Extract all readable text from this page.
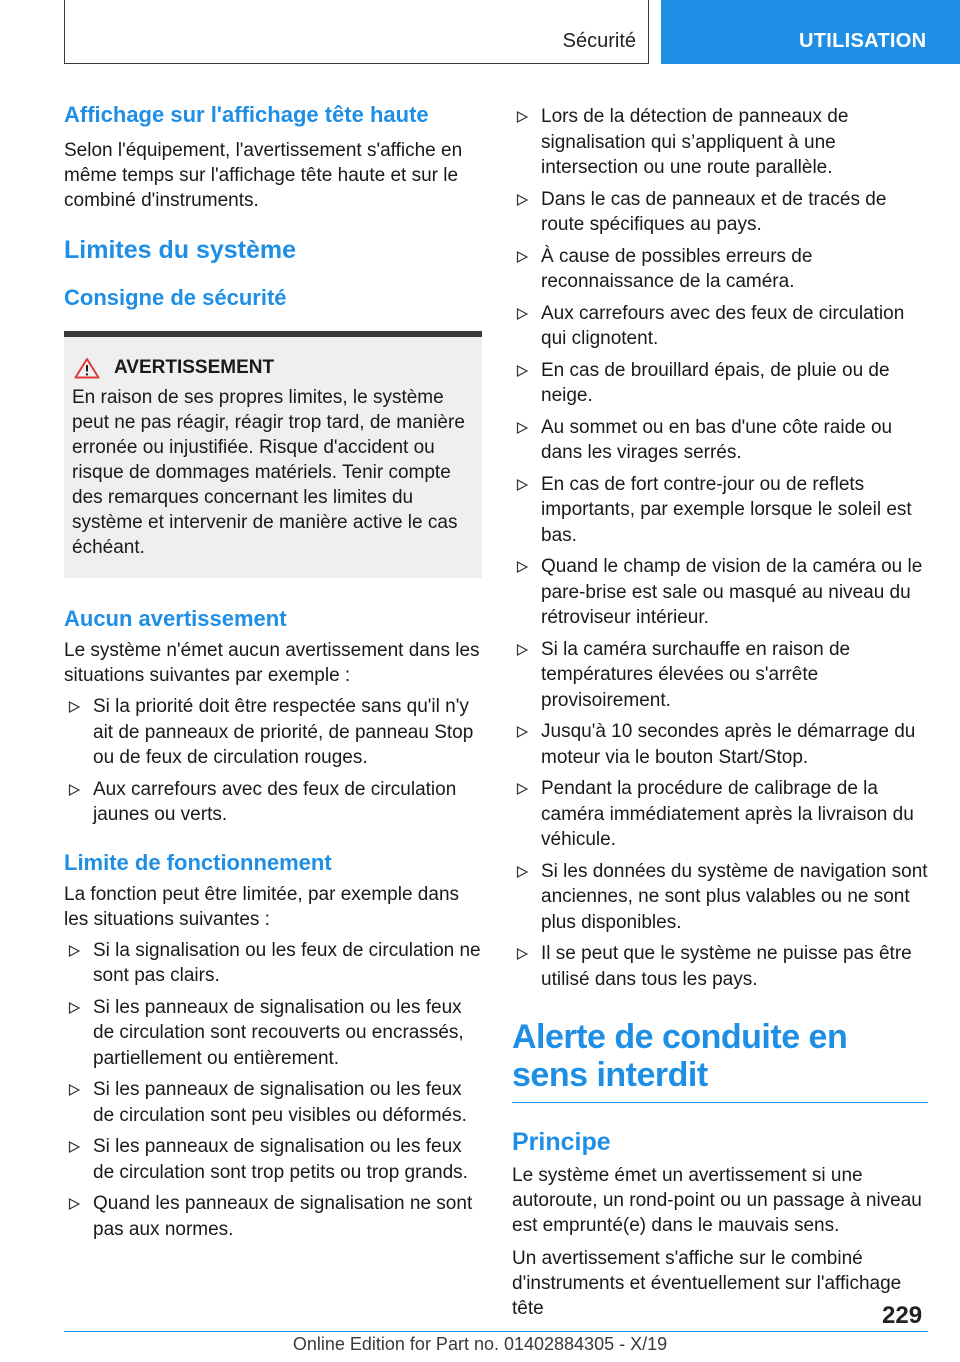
Sécurité	UTILISATION
Affichage sur l'affichage tête haute

Selon l'équipement, l'avertissement s'affiche en même temps sur l'affichage tête haute et sur le combiné d'instruments.

Limites du système
Consigne de sécurité
AVERTISSEMENT

En raison de ses propres limites, le système peut ne pas réagir, réagir trop tard, de manière erronée ou injustifiée. Risque d'accident ou risque de dommages matériels. Tenir compte des remarques concernant les limites du système et intervenir de manière active le cas échéant.

Aucun avertissement

Le système n'émet aucun avertissement dans les situations suivantes par exemple :

Si la priorité doit être respectée sans qu'il n'y ait de panneaux de priorité, de panneau Stop ou de feux de circulation rouges.
Aux carrefours avec des feux de circulation jaunes ou verts.
Limite de fonctionnement

La fonction peut être limitée, par exemple dans les situations suivantes :

Si la signalisation ou les feux de circulation ne sont pas clairs.
Si les panneaux de signalisation ou les feux de circulation sont recouverts ou encrassés, partiellement ou entièrement.
Si les panneaux de signalisation ou les feux de circulation sont peu visibles ou déformés.
Si les panneaux de signalisation ou les feux de circulation sont trop petits ou trop grands.
Quand les panneaux de signalisation ne sont pas aux normes.
Lors de la détection de panneaux de signalisation qui s’appliquent à une intersection ou une route parallèle.
Dans le cas de panneaux et de tracés de route spécifiques au pays.
À cause de possibles erreurs de reconnaissance de la caméra.
Aux carrefours avec des feux de circulation qui clignotent.
En cas de brouillard épais, de pluie ou de neige.
Au sommet ou en bas d'une côte raide ou dans les virages serrés.
En cas de fort contre-jour ou de reflets importants, par exemple lorsque le soleil est bas.
Quand le champ de vision de la caméra ou le pare-brise est sale ou masqué au niveau du rétroviseur intérieur.
Si la caméra surchauffe en raison de températures élevées ou s'arrête provisoirement.
Jusqu'à 10 secondes après le démarrage du moteur via le bouton Start/Stop.
Pendant la procédure de calibrage de la caméra immédiatement après la livraison du véhicule.
Si les données du système de navigation sont anciennes, ne sont plus valables ou ne sont plus disponibles.
Il se peut que le système ne puisse pas être utilisé dans tous les pays.
Alerte de conduite en sens interdit
Principe

Le système émet un avertissement si une autoroute, un rond-point ou un passage à niveau est emprunté(e) dans le mauvais sens.

Un avertissement s'affiche sur le combiné d'instruments et éventuellement sur l'affichage tête	229
Online Edition for Part no. 01402884305 - X/19
